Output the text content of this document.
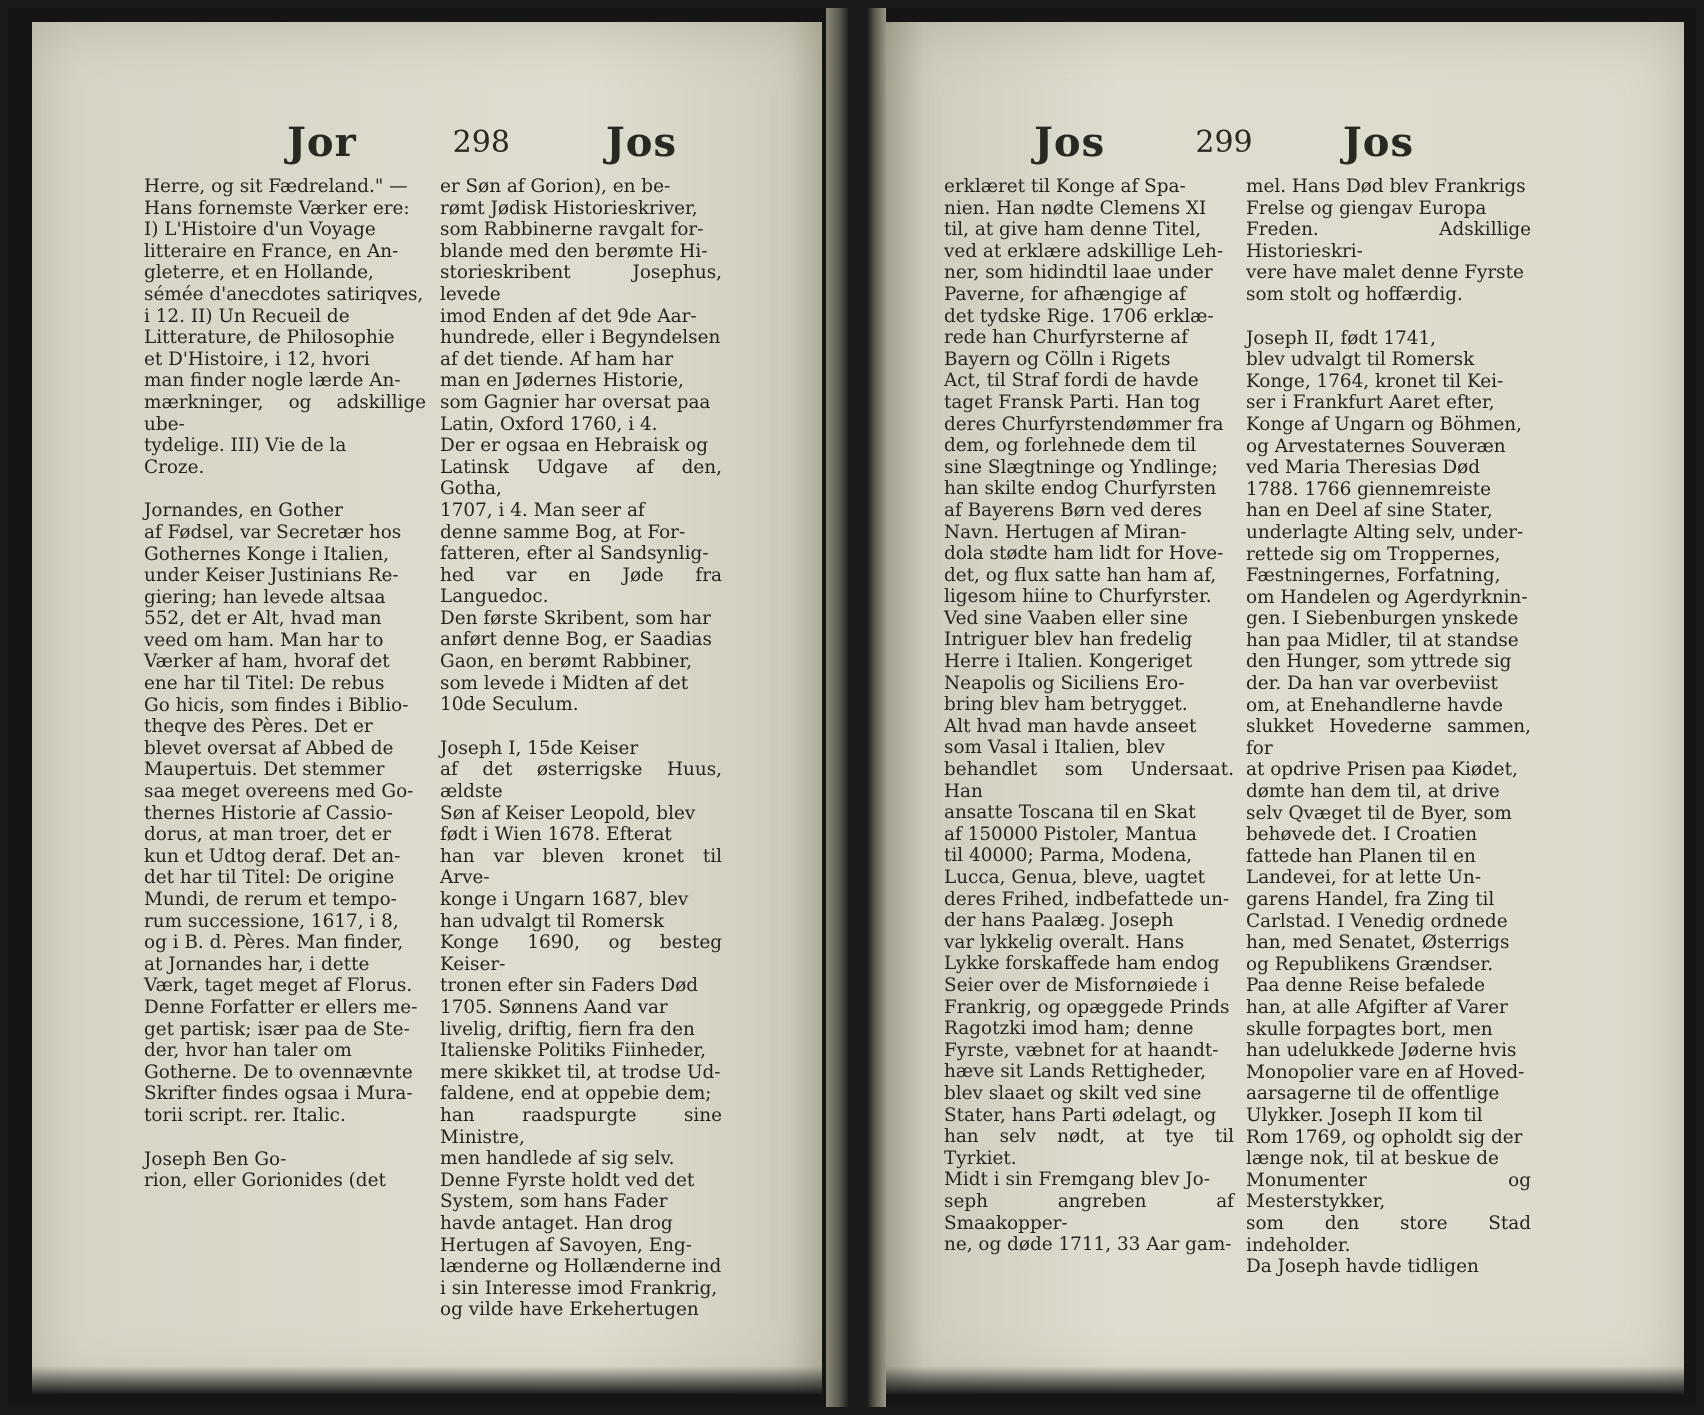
Jor	298 Jos

Herre, og sit Fædreland." —
Hans fornemste Værker ere:
I) L'Histoire d'un Voyage
litteraire en France, en An-
gleterre, et en Hollande,
sémée d'anecdotes satiriqves,
i 12. II) Un Recueil de
Litterature, de Philosophie
et D'Histoire, i 12, hvori
man finder nogle lærde An-
mærkninger, og adskillige ube-
tydelige. III) Vie de la
Croze.

Jornandes, en Gother
af Fødsel, var Secretær hos
Gothernes Konge i Italien,
under Keiser Justinians Re-
giering; han levede altsaa
552, det er Alt, hvad man
veed om ham. Man har to
Værker af ham, hvoraf det
ene har til Titel: De rebus
Go hicis, som findes i Biblio-
theqve des Pères. Det er
blevet oversat af Abbed de
Maupertuis. Det stemmer
saa meget overeens med Go-
thernes Historie af Cassio-
dorus, at man troer, det er
kun et Udtog deraf. Det an-
det har til Titel: De origine
Mundi, de rerum et tempo-
rum successione, 1617, i 8,
og i B. d. Pères. Man finder,
at Jornandes har, i dette
Værk, taget meget af Florus.
Denne Forfatter er ellers me-
get partisk; især paa de Ste-
der, hvor han taler om
Gotherne. De to ovennævnte
Skrifter findes ogsaa i Mura-
torii script. rer. Italic.

Joseph Ben Go-
rion, eller Gorionides (det

er Søn af Gorion), en be-
rømt Jødisk Historieskriver,
som Rabbinerne ravgalt for-
blande med den berømte Hi-
storieskribent Josephus, levede
imod Enden af det 9de Aar-
hundrede, eller i Begyndelsen
af det tiende. Af ham har
man en Jødernes Historie,
som Gagnier har oversat paa
Latin, Oxford 1760, i 4.
Der er ogsaa en Hebraisk og
Latinsk Udgave af den, Gotha,
1707, i 4. Man seer af
denne samme Bog, at For-
fatteren, efter al Sandsynlig-
hed var en Jøde fra Languedoc.
Den første Skribent, som har
anført denne Bog, er Saadias
Gaon, en berømt Rabbiner,
som levede i Midten af det
10de Seculum.

Joseph I, 15de Keiser
af det østerrigske Huus, ældste
Søn af Keiser Leopold, blev
født i Wien 1678. Efterat
han var bleven kronet til Arve-
konge i Ungarn 1687, blev
han udvalgt til Romersk
Konge 1690, og besteg Keiser-
tronen efter sin Faders Død
1705. Sønnens Aand var
livelig, driftig, fiern fra den
Italienske Politiks Fiinheder,
mere skikket til, at trodse Ud-
faldene, end at oppebie dem;
han raadspurgte sine Ministre,
men handlede af sig selv.
Denne Fyrste holdt ved det
System, som hans Fader
havde antaget. Han drog
Hertugen af Savoyen, Eng-
lænderne og Hollænderne ind
i sin Interesse imod Frankrig,
og vilde have Erkehertugen

Jos	299 Jos

erklæret til Konge af Spa-
nien. Han nødte Clemens XI
til, at give ham denne Titel,
ved at erklære adskillige Leh-
ner, som hidindtil laae under
Paverne, for afhængige af
det tydske Rige. 1706 erklæ-
rede han Churfyrsterne af
Bayern og Cölln i Rigets
Act, til Straf fordi de havde
taget Fransk Parti. Han tog
deres Churfyrstendømmer fra
dem, og forlehnede dem til
sine Slægtninge og Yndlinge;
han skilte endog Churfyrsten
af Bayerens Børn ved deres
Navn. Hertugen af Miran-
dola stødte ham lidt for Hove-
det, og flux satte han ham af,
ligesom hiine to Churfyrster.
Ved sine Vaaben eller sine
Intriguer blev han fredelig
Herre i Italien. Kongeriget
Neapolis og Siciliens Ero-
bring blev ham betrygget.
Alt hvad man havde anseet
som Vasal i Italien, blev
behandlet som Undersaat. Han
ansatte Toscana til en Skat
af 150000 Pistoler, Mantua
til 40000; Parma, Modena,
Lucca, Genua, bleve, uagtet
deres Frihed, indbefattede un-
der hans Paalæg. Joseph
var lykkelig overalt. Hans
Lykke forskaffede ham endog
Seier over de Misfornøiede i
Frankrig, og opæggede Prinds
Ragotzki imod ham; denne
Fyrste, væbnet for at haandt-
hæve sit Lands Rettigheder,
blev slaaet og skilt ved sine
Stater, hans Parti ødelagt, og
han selv nødt, at tye til Tyrkiet.
Midt i sin Fremgang blev Jo-
seph angreben af Smaakopper-
ne, og døde 1711, 33 Aar gam-

mel. Hans Død blev Frankrigs
Frelse og giengav Europa
Freden. Adskillige Historieskri-
vere have malet denne Fyrste
som stolt og hoffærdig.

Joseph II, født 1741,
blev udvalgt til Romersk
Konge, 1764, kronet til Kei-
ser i Frankfurt Aaret efter,
Konge af Ungarn og Böhmen,
og Arvestaternes Souveræn
ved Maria Theresias Død
1788. 1766 giennemreiste
han en Deel af sine Stater,
underlagte Alting selv, under-
rettede sig om Troppernes,
Fæstningernes, Forfatning,
om Handelen og Agerdyrknin-
gen. I Siebenburgen ynskede
han paa Midler, til at standse
den Hunger, som yttrede sig
der. Da han var overbeviist
om, at Enehandlerne havde
slukket Hovederne sammen, for
at opdrive Prisen paa Kiødet,
dømte han dem til, at drive
selv Qvæget til de Byer, som
behøvede det. I Croatien
fattede han Planen til en
Landevei, for at lette Un-
garens Handel, fra Zing til
Carlstad. I Venedig ordnede
han, med Senatet, Østerrigs
og Republikens Grændser.
Paa denne Reise befalede
han, at alle Afgifter af Varer
skulle forpagtes bort, men
han udelukkede Jøderne hvis
Monopolier vare en af Hoved-
aarsagerne til de offentlige
Ulykker. Joseph II kom til
Rom 1769, og opholdt sig der
længe nok, til at beskue de
Monumenter og Mesterstykker,
som den store Stad indeholder.
Da Joseph havde tidligen
